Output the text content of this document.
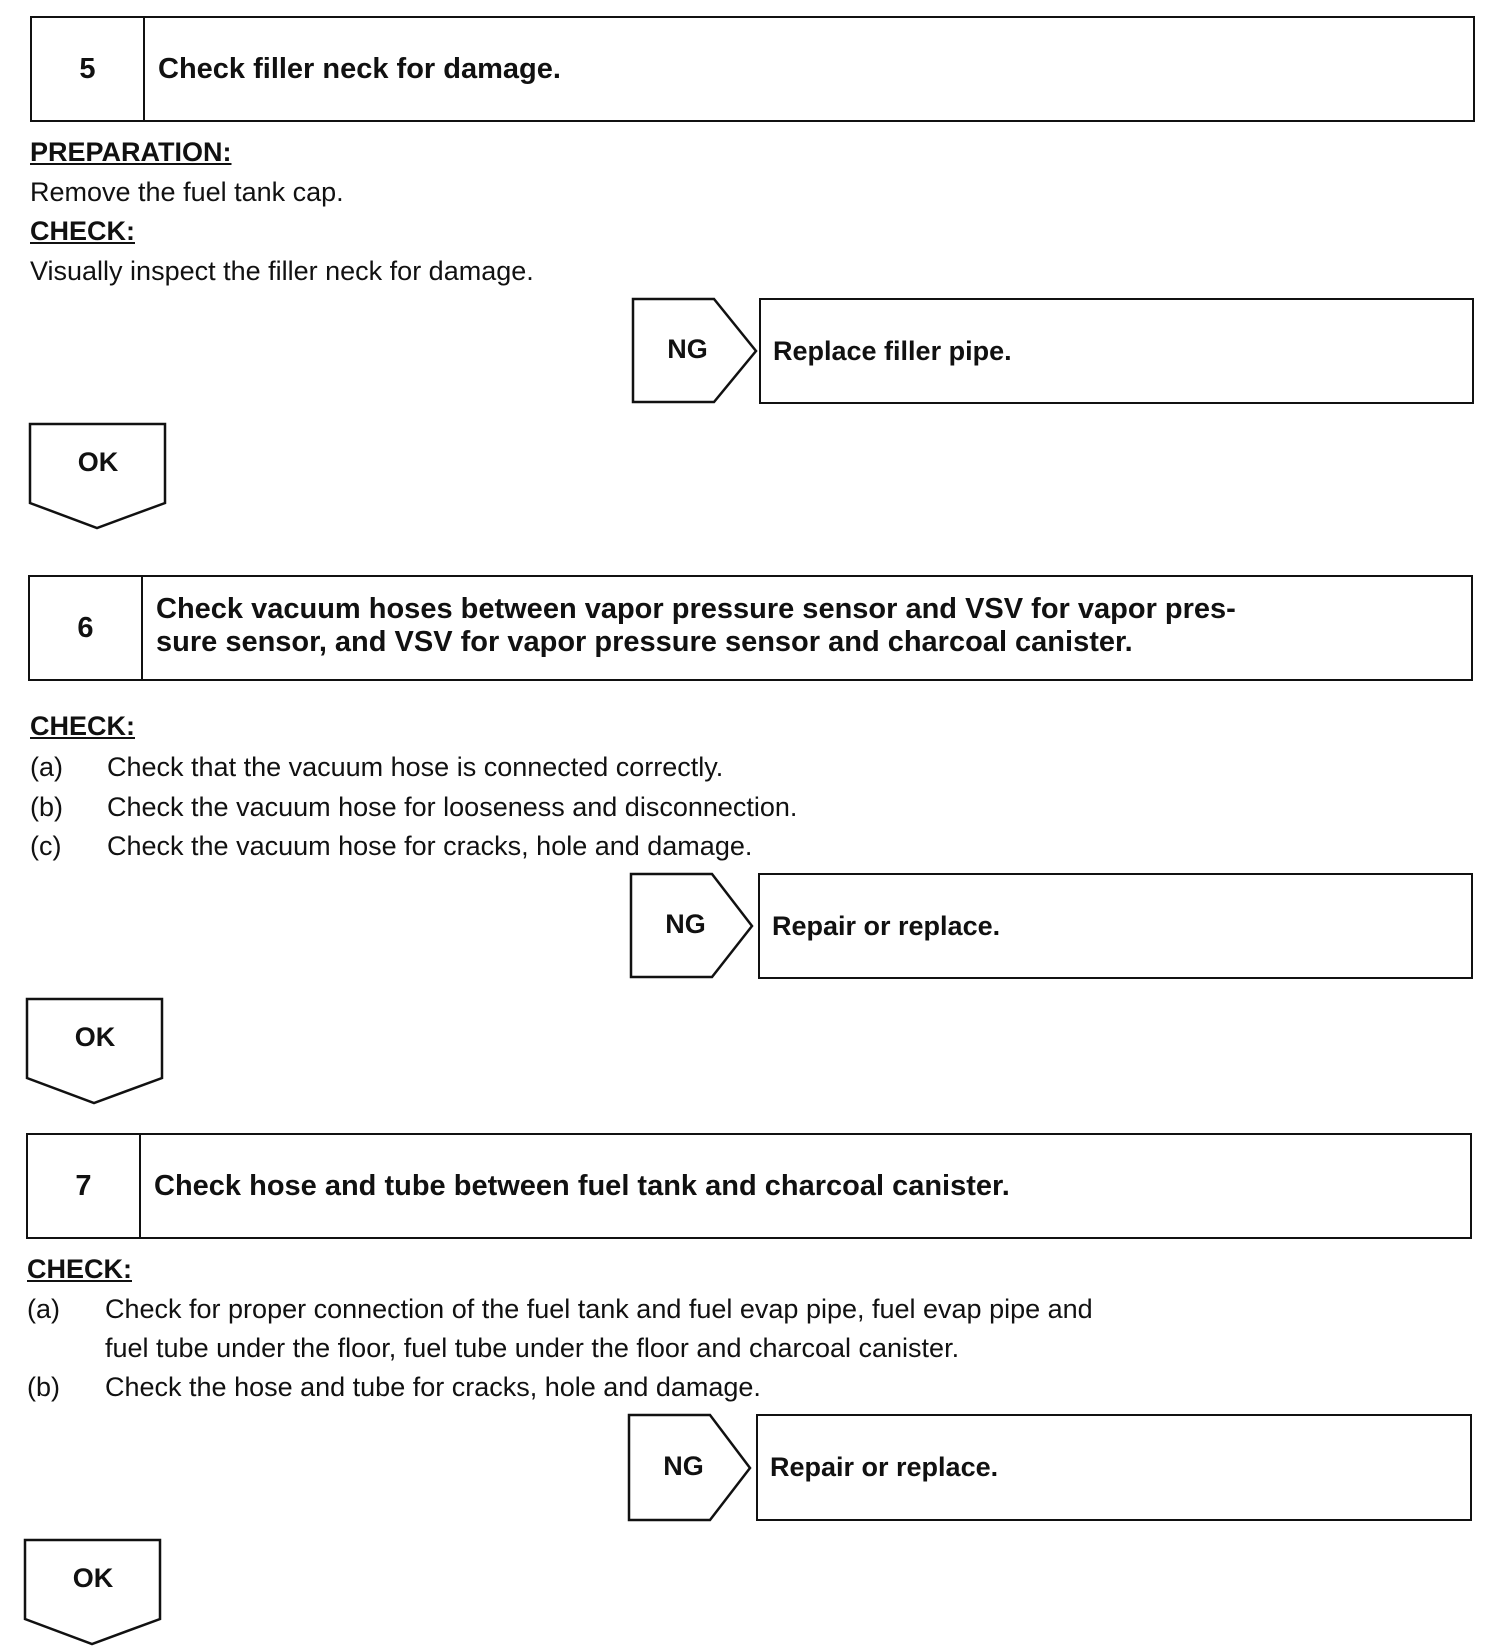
5	Check filler neck for damage.
PREPARATION:
Remove the fuel tank cap.
CHECK:
Visually inspect the filler neck for damage.
NG	Replace filler pipe.
OK
6
Check vacuum hoses between vapor pressure sensor and VSV for vapor pres-
sure sensor, and VSV for vapor pressure sensor and charcoal canister.
CHECK:
(a) Check that the vacuum hose is connected correctly.
(b) Check the vacuum hose for looseness and disconnection.
(c) Check the vacuum hose for cracks, hole and damage.
NG	Repair or replace.
OK
7	Check hose and tube between fuel tank and charcoal canister.
CHECK:
(a) Check for proper connection of the fuel tank and fuel evap pipe, fuel evap pipe and
fuel tube under the floor, fuel tube under the floor and charcoal canister.
(b) Check the hose and tube for cracks, hole and damage.
NG	Repair or replace.
OK
